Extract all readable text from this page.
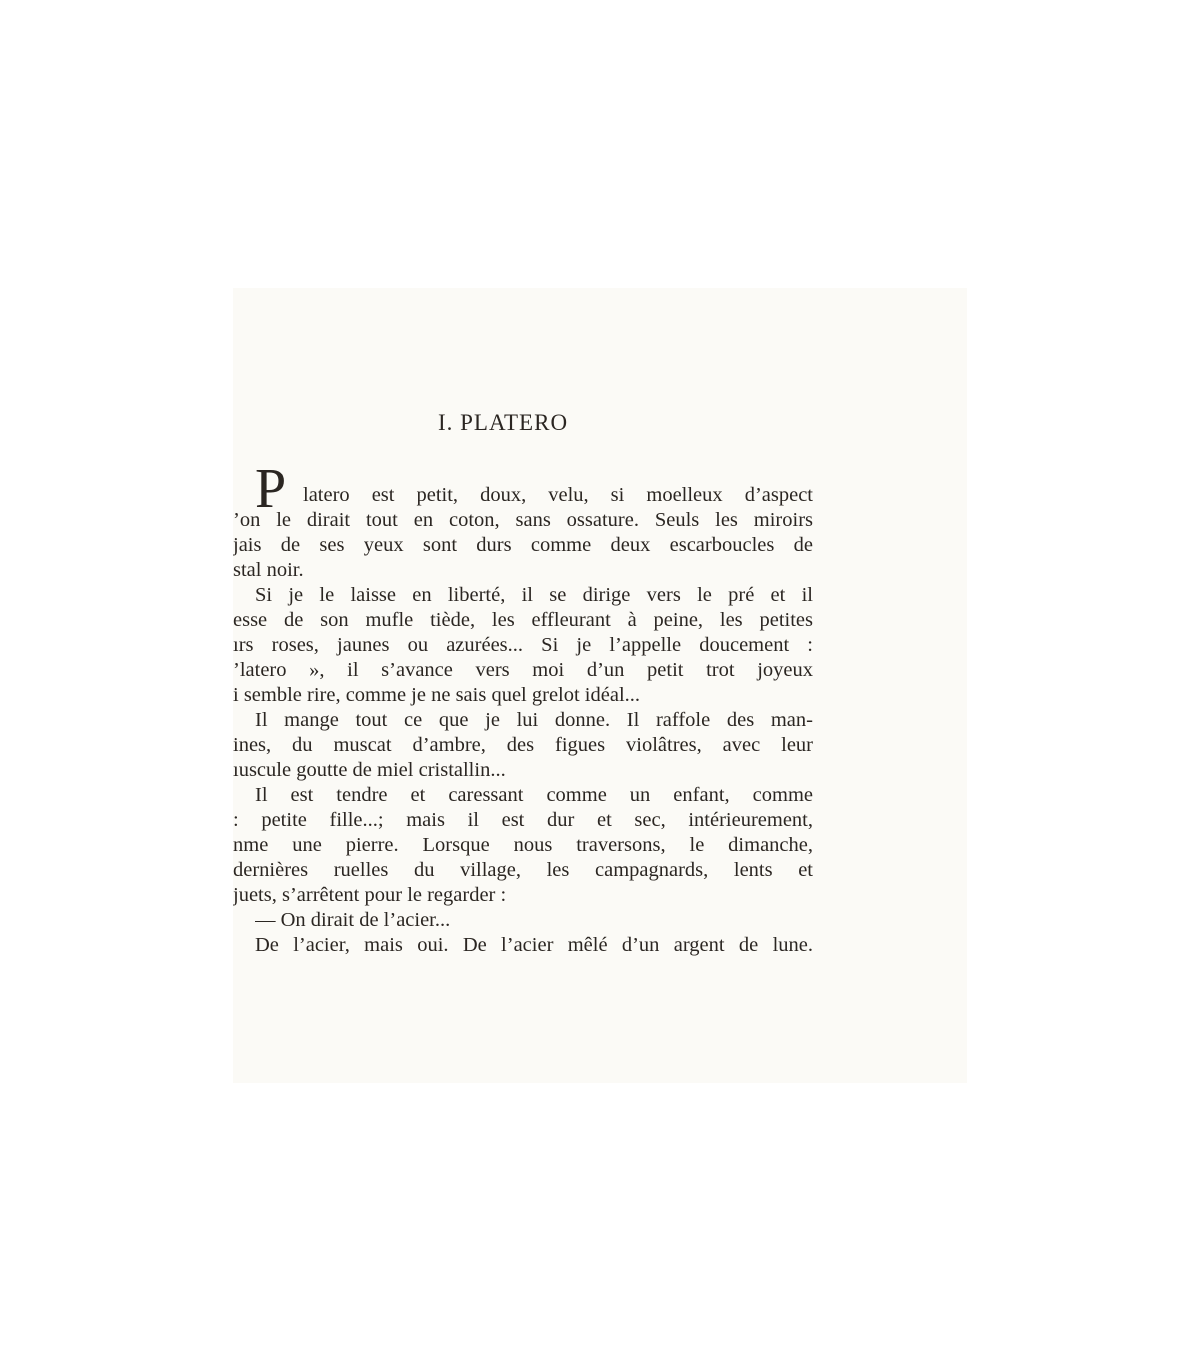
I. PLATERO
P latero est petit, doux, velu, si moelleux d’aspect
’on le dirait tout en coton, sans ossature. Seuls les miroirs
jais de ses yeux sont durs comme deux escarboucles de
stal noir.
Si je le laisse en liberté, il se dirige vers le pré et il
esse de son mufle tiède, les effleurant à peine, les petites
ırs roses, jaunes ou azurées... Si je l’appelle doucement :
’latero », il s’avance vers moi d’un petit trot joyeux
i semble rire, comme je ne sais quel grelot idéal...
Il mange tout ce que je lui donne. Il raffole des man-
ines, du muscat d’ambre, des figues violâtres, avec leur
ıuscule goutte de miel cristallin...
Il est tendre et caressant comme un enfant, comme
: petite fille...; mais il est dur et sec, intérieurement,
nme une pierre. Lorsque nous traversons, le dimanche,
dernières ruelles du village, les campagnards, lents et
juets, s’arrêtent pour le regarder :
— On dirait de l’acier...
De l’acier, mais oui. De l’acier mêlé d’un argent de lune.
